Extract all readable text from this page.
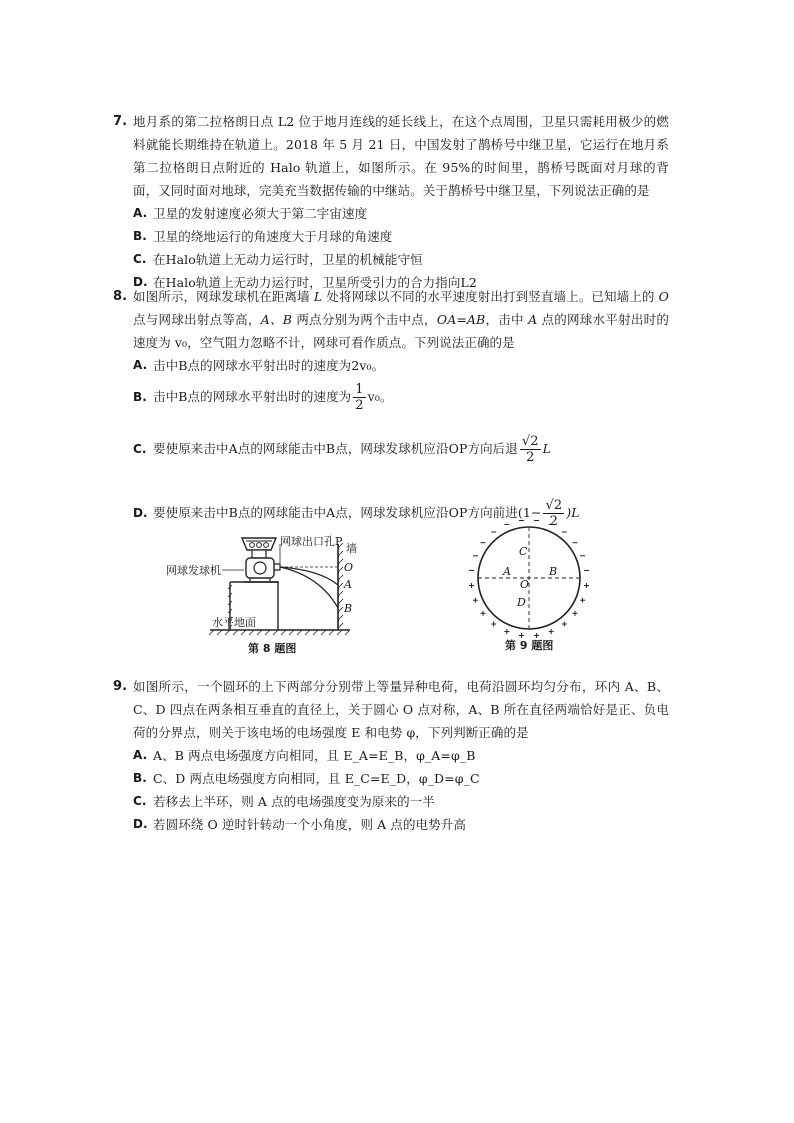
7. 地月系的第二拉格朗日点 L2 位于地月连线的延长线上，在这个点周围，卫星只需耗用极少的燃料就能长期维持在轨道上。2018 年 5 月 21 日，中国发射了鹊桥号中继卫星，它运行在地月系第二拉格朗日点附近的 Halo 轨道上，如图所示。在 95%的时间里，鹊桥号既面对月球的背面，又同时面对地球，完美充当数据传输的中继站。关于鹊桥号中继卫星，下列说法正确的是
A. 卫星的发射速度必须大于第二宇宙速度
B. 卫星的绕地运行的角速度大于月球的角速度
C. 在Halo轨道上无动力运行时，卫星的机械能守恒
D. 在Halo轨道上无动力运行时，卫星所受引力的合力指向L2
8. 如图所示，网球发球机在距离墙 L 处将网球以不同的水平速度射出打到竖直墙上。已知墙上的 O 点与网球出射点等高，A、B 两点分别为两个击中点，OA=AB，击中 A 点的网球水平射出时的速度为 v₀，空气阻力忽略不计，网球可看作质点。下列说法正确的是
A. 击中B点的网球水平射出时的速度为2v₀。
B. 击中B点的网球水平射出时的速度为 $\frac{1}{2} v_0$。
C. 要使原来击中A点的网球能击中B点，网球发球机应沿OP方向后退 $\frac{√2}{2}$ L
D. 要使原来击中B点的网球能击中A点，网球发球机应沿OP方向前进$(1- \frac{√2}{2} )L$
网球发球机
网球出口孔P
墙
O
A
B
水平地面
第 8 题图
A	B
C
D
O
第 9 题图
9. 如图所示，一个圆环的上下两部分分别带上等量异种电荷，电荷沿圆环均匀分布，环内 A、B、C、D 四点在两条相互垂直的直径上，关于圆心 O 点对称，A、B 所在直径两端恰好是正、负电荷的分界点，则关于该电场的电场强度 E 和电势 φ，下列判断正确的是
A. A、B 两点电场强度方向相同，且 E_A=E_B，φ_A=φ_B
B. C、D 两点电场强度方向相同，且 E_C=E_D，φ_D=φ_C
C. 若移去上半环，则 A 点的电场强度变为原来的一半
D. 若圆环绕 O 逆时针转动一个小角度，则 A 点的电势升高
